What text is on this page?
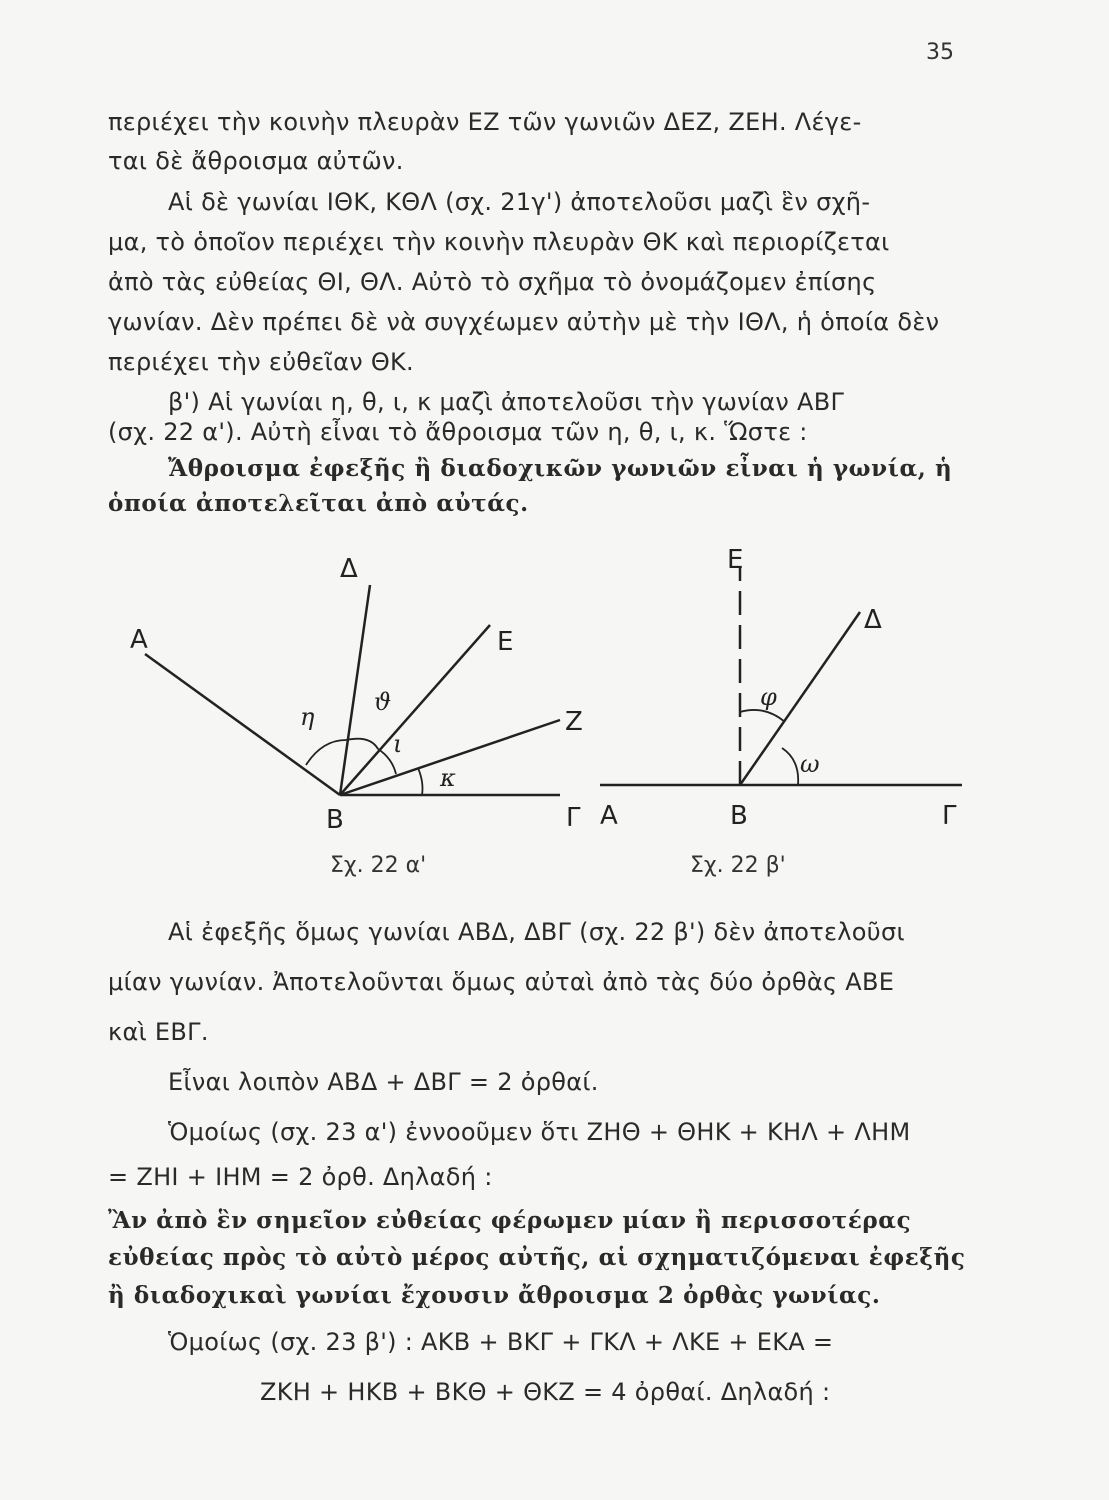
35
περιέχει τὴν κοινὴν πλευρὰν ΕΖ τῶν γωνιῶν ΔΕΖ, ΖΕΗ. Λέγε-
ται δὲ ἄθροισμα αὐτῶν.
Αἱ δὲ γωνίαι ΙΘΚ, ΚΘΛ (σχ. 21γ') ἀποτελοῦσι μαζὶ ἓν σχῆ-
μα, τὸ ὁποῖον περιέχει τὴν κοινὴν πλευρὰν ΘΚ καὶ περιορίζεται
ἀπὸ τὰς εὐθείας ΘΙ, ΘΛ. Αὐτὸ τὸ σχῆμα τὸ ὀνομάζομεν ἐπίσης
γωνίαν. Δὲν πρέπει δὲ νὰ συγχέωμεν αὐτὴν μὲ τὴν ΙΘΛ, ἡ ὁποία δὲν
περιέχει τὴν εὐθεῖαν ΘΚ.
β') Αἱ γωνίαι η, θ, ι, κ μαζὶ ἀποτελοῦσι τὴν γωνίαν ΑΒΓ
(σχ. 22 α'). Αὐτὴ εἶναι τὸ ἄθροισμα τῶν η, θ, ι, κ. Ὥστε :
Ἄθροισμα ἐφεξῆς ἢ διαδοχικῶν γωνιῶν εἶναι ἡ γωνία, ἡ
ὁποία ἀποτελεῖται ἀπὸ αὐτάς.
Α
Δ
Ε
Ζ
Β	Γ
η
ϑ
ι
κ
Σχ. 22 α'
Ε
Δ
Α	Β	Γ
φ
ω
Σχ. 22 β'
Αἱ ἐφεξῆς ὅμως γωνίαι ΑΒΔ, ΔΒΓ (σχ. 22 β') δὲν ἀποτελοῦσι
μίαν γωνίαν. Ἀποτελοῦνται ὅμως αὐταὶ ἀπὸ τὰς δύο ὀρθὰς ΑΒΕ
καὶ ΕΒΓ.
Εἶναι λοιπὸν ΑΒΔ + ΔΒΓ = 2 ὀρθαί.
Ὁμοίως (σχ. 23 α') ἐννοοῦμεν ὅτι ΖΗΘ + ΘΗΚ + ΚΗΛ + ΛΗΜ
= ΖΗΙ + ΙΗΜ = 2 ὀρθ. Δηλαδή :
Ἂν ἀπὸ ἓν σημεῖον εὐθείας φέρωμεν μίαν ἢ περισσοτέρας
εὐθείας πρὸς τὸ αὐτὸ μέρος αὐτῆς, αἱ σχηματιζόμεναι ἐφεξῆς
ἢ διαδοχικαὶ γωνίαι ἔχουσιν ἄθροισμα 2 ὀρθὰς γωνίας.
Ὁμοίως (σχ. 23 β') : ΑΚΒ + ΒΚΓ + ΓΚΛ + ΛΚΕ + ΕΚΑ =
ΖΚΗ + ΗΚΒ + ΒΚΘ + ΘΚΖ = 4 ὀρθαί. Δηλαδή :
